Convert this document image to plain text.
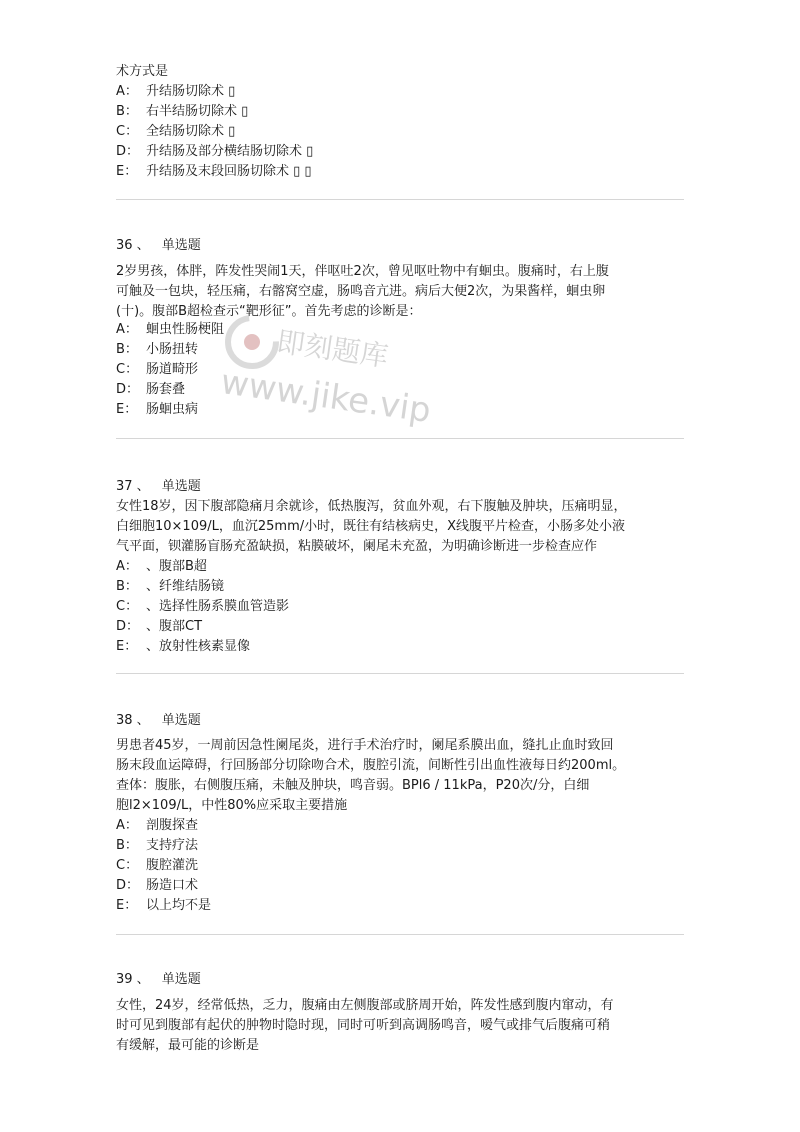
术方式是
A： 升结肠切除术 ▯
B： 右半结肠切除术 ▯
C： 全结肠切除术 ▯
D： 升结肠及部分横结肠切除术 ▯
E： 升结肠及末段回肠切除术 ▯ ▯
36 、 单选题
2岁男孩，体胖，阵发性哭闹1天，伴呕吐2次，曾见呕吐物中有蛔虫。腹痛时，右上腹
可触及一包块，轻压痛，右髂窝空虚，肠鸣音亢进。病后大便2次，为果酱样，蛔虫卵
(十)。腹部B超检查示“靶形征”。首先考虑的诊断是：
A： 蛔虫性肠梗阻
B： 小肠扭转
C： 肠道畸形
D： 肠套叠
E： 肠蛔虫病
37 、 单选题
女性18岁，因下腹部隐痛月余就诊，低热腹泻，贫血外观，右下腹触及肿块，压痛明显，
白细胞10×109/L，血沉25mm/小时，既往有结核病史，X线腹平片检查，小肠多处小液
气平面，钡灌肠盲肠充盈缺损，粘膜破坏，阑尾未充盈，为明确诊断进一步检查应作
A： 、腹部B超
B： 、纤维结肠镜
C： 、选择性肠系膜血管造影
D： 、腹部CT
E： 、放射性核素显像
38 、 单选题
男患者45岁，一周前因急性阑尾炎，进行手术治疗时，阑尾系膜出血，缝扎止血时致回
肠末段血运障碍，行回肠部分切除吻合术，腹腔引流，间断性引出血性液每日约200ml。
查体：腹胀，右侧腹压痛，未触及肿块，鸣音弱。BPl6 / 11kPa，P20次/分，白细
胞l2×109/L，中性80%应采取主要措施
A： 剖腹探查
B： 支持疗法
C： 腹腔灌洗
D： 肠造口术
E： 以上均不是
39 、 单选题
女性，24岁，经常低热，乏力，腹痛由左侧腹部或脐周开始，阵发性感到腹内窜动，有
时可见到腹部有起伏的肿物时隐时现，同时可听到高调肠鸣音，嗳气或排气后腹痛可稍
有缓解，最可能的诊断是
即刻题库
www.jike.vip
